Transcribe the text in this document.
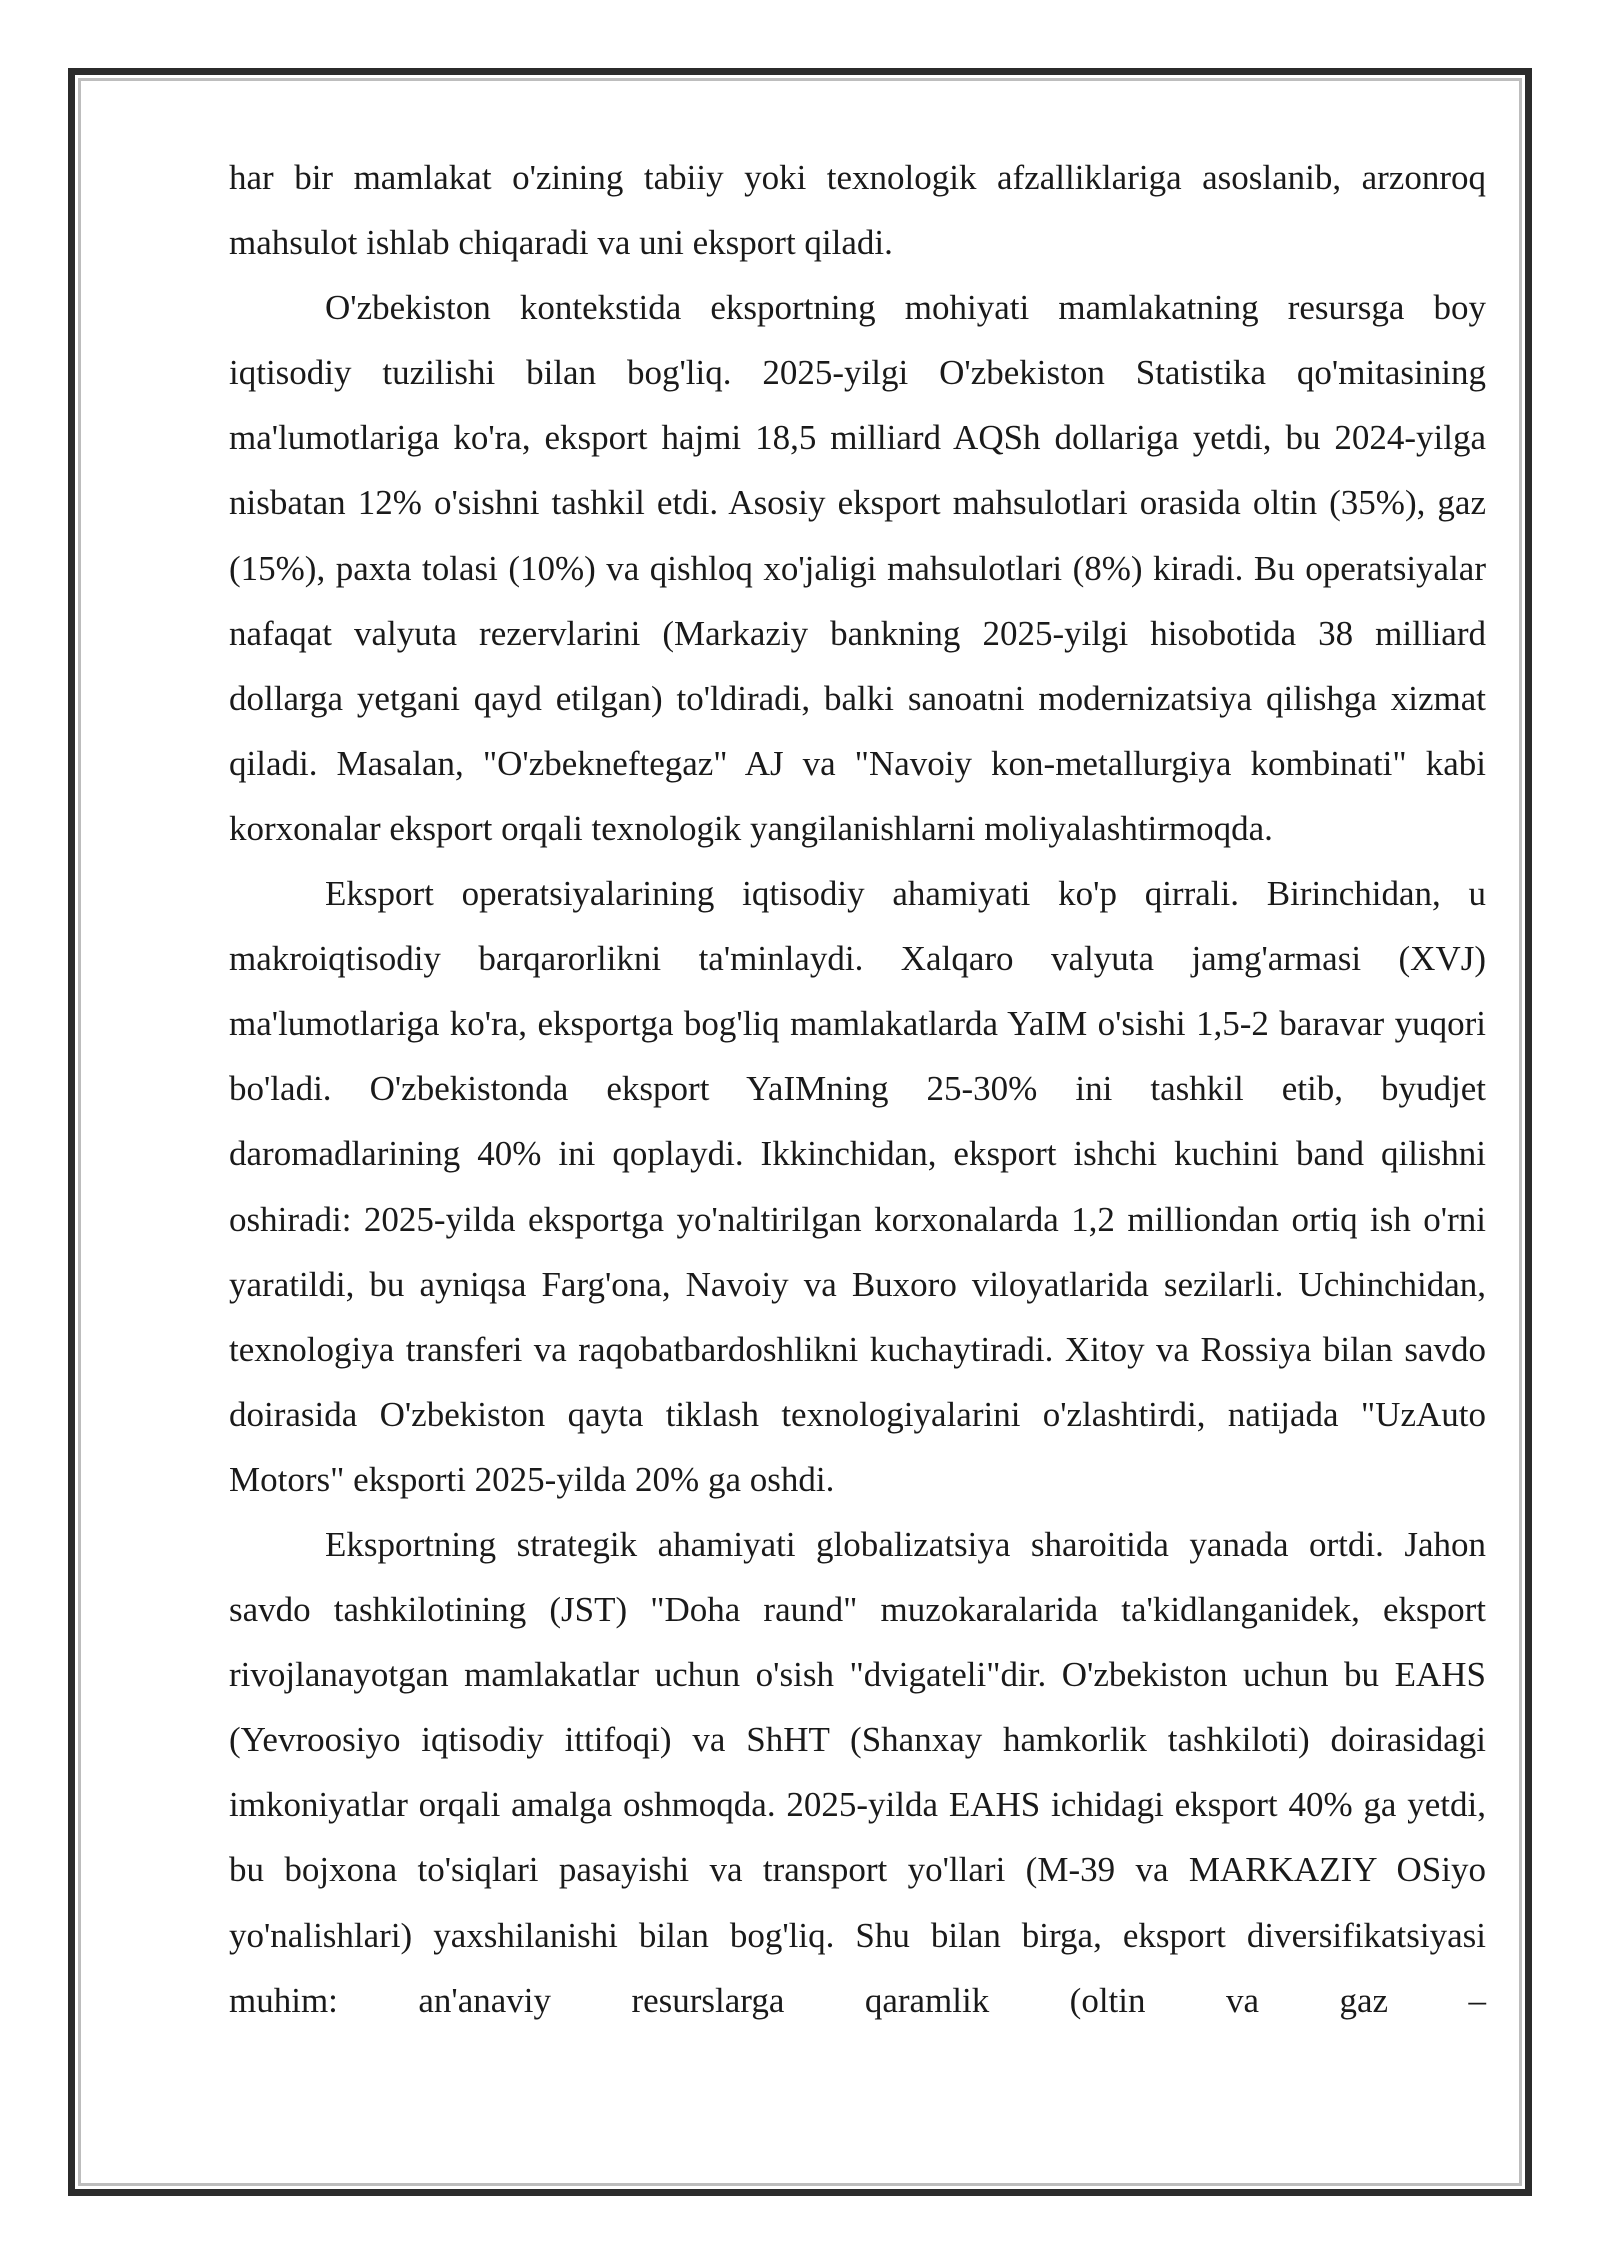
har bir mamlakat o'zining tabiiy yoki texnologik afzalliklariga asoslanib, arzonroq mahsulot ishlab chiqaradi va uni eksport qiladi.

O'zbekiston kontekstida eksportning mohiyati mamlakatning resursga boy iqtisodiy tuzilishi bilan bog'liq. 2025-yilgi O'zbekiston Statistika qo'mitasining ma'lumotlariga ko'ra, eksport hajmi 18,5 milliard AQSh dollariga yetdi, bu 2024-yilga nisbatan 12% o'sishni tashkil etdi. Asosiy eksport mahsulotlari orasida oltin (35%), gaz (15%), paxta tolasi (10%) va qishloq xo'jaligi mahsulotlari (8%) kiradi. Bu operatsiyalar nafaqat valyuta rezervlarini (Markaziy bankning 2025-yilgi hisobotida 38 milliard dollarga yetgani qayd etilgan) to'ldiradi, balki sanoatni modernizatsiya qilishga xizmat qiladi. Masalan, "O'zbekneftegaz" AJ va "Navoiy kon-metallurgiya kombinati" kabi korxonalar eksport orqali texnologik yangilanishlarni moliyalashtirmoqda.

Eksport operatsiyalarining iqtisodiy ahamiyati ko'p qirrali. Birinchidan, u makroiqtisodiy barqarorlikni ta'minlaydi. Xalqaro valyuta jamg'armasi (XVJ) ma'lumotlariga ko'ra, eksportga bog'liq mamlakatlarda YaIM o'sishi 1,5-2 baravar yuqori bo'ladi. O'zbekistonda eksport YaIMning 25-30% ini tashkil etib, byudjet daromadlarining 40% ini qoplaydi. Ikkinchidan, eksport ishchi kuchini band qilishni oshiradi: 2025-yilda eksportga yo'naltirilgan korxonalarda 1,2 milliondan ortiq ish o'rni yaratildi, bu ayniqsa Farg'ona, Navoiy va Buxoro viloyatlarida sezilarli. Uchinchidan, texnologiya transferi va raqobatbardoshlikni kuchaytiradi. Xitoy va Rossiya bilan savdo doirasida O'zbekiston qayta tiklash texnologiyalarini o'zlashtirdi, natijada "UzAuto Motors" eksporti 2025-yilda 20% ga oshdi.

Eksportning strategik ahamiyati globalizatsiya sharoitida yanada ortdi. Jahon savdo tashkilotining (JST) "Doha raund" muzokaralarida ta'kidlanganidek, eksport rivojlanayotgan mamlakatlar uchun o'sish "dvigateli"dir. O'zbekiston uchun bu EAHS (Yevroosiyo iqtisodiy ittifoqi) va ShHT (Shanxay hamkorlik tashkiloti) doirasidagi imkoniyatlar orqali amalga oshmoqda. 2025-yilda EAHS ichidagi eksport 40% ga yetdi, bu bojxona to'siqlari pasayishi va transport yo'llari (M-39 va MARKAZIY OSiyo yo'nalishlari) yaxshilanishi bilan bog'liq. Shu bilan birga, eksport diversifikatsiyasi muhim: an'anaviy resurslarga qaramlik (oltin va gaz –
